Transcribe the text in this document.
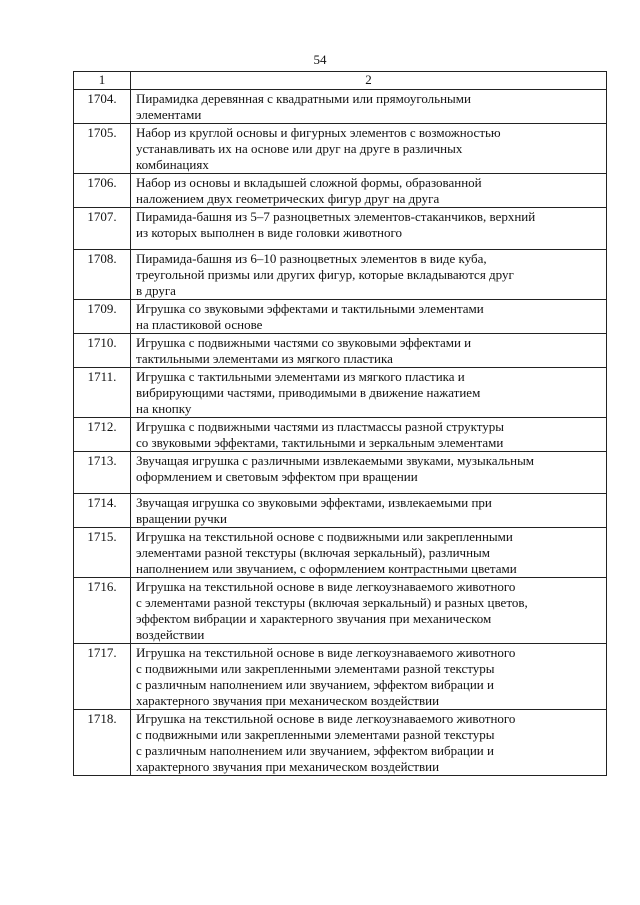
54
1	2
1704.	Пирамидка деревянная с квадратными или прямоугольными
элементами

1705.	Набор из круглой основы и фигурных элементов с возможностью
устанавливать их на основе или друг на друге в различных
комбинациях

1706.	Набор из основы и вкладышей сложной формы, образованной
наложением двух геометрических фигур друг на друга

1707.	Пирамида-башня из 5–7 разноцветных элементов-стаканчиков, верхний
из которых выполнен в виде головки животного

1708.	Пирамида-башня из 6–10 разноцветных элементов в виде куба,
треугольной призмы или других фигур, которые вкладываются друг
в друга

1709.	Игрушка со звуковыми эффектами и тактильными элементами
на пластиковой основе

1710.	Игрушка с подвижными частями со звуковыми эффектами и
тактильными элементами из мягкого пластика

1711.	Игрушка с тактильными элементами из мягкого пластика и
вибрирующими частями, приводимыми в движение нажатием
на кнопку

1712.	Игрушка с подвижными частями из пластмассы разной структуры
со звуковыми эффектами, тактильными и зеркальным элементами

1713.	Звучащая игрушка с различными извлекаемыми звуками, музыкальным
оформлением и световым эффектом при вращении

1714.	Звучащая игрушка со звуковыми эффектами, извлекаемыми при
вращении ручки

1715.	Игрушка на текстильной основе с подвижными или закрепленными
элементами разной текстуры (включая зеркальный), различным
наполнением или звучанием, с оформлением контрастными цветами

1716.	Игрушка на текстильной основе в виде легкоузнаваемого животного
с элементами разной текстуры (включая зеркальный) и разных цветов,
эффектом вибрации и характерного звучания при механическом
воздействии

1717.	Игрушка на текстильной основе в виде легкоузнаваемого животного
с подвижными или закрепленными элементами разной текстуры
с различным наполнением или звучанием, эффектом вибрации и
характерного звучания при механическом воздействии

1718.	Игрушка на текстильной основе в виде легкоузнаваемого животного
с подвижными или закрепленными элементами разной текстуры
с различным наполнением или звучанием, эффектом вибрации и
характерного звучания при механическом воздействии
